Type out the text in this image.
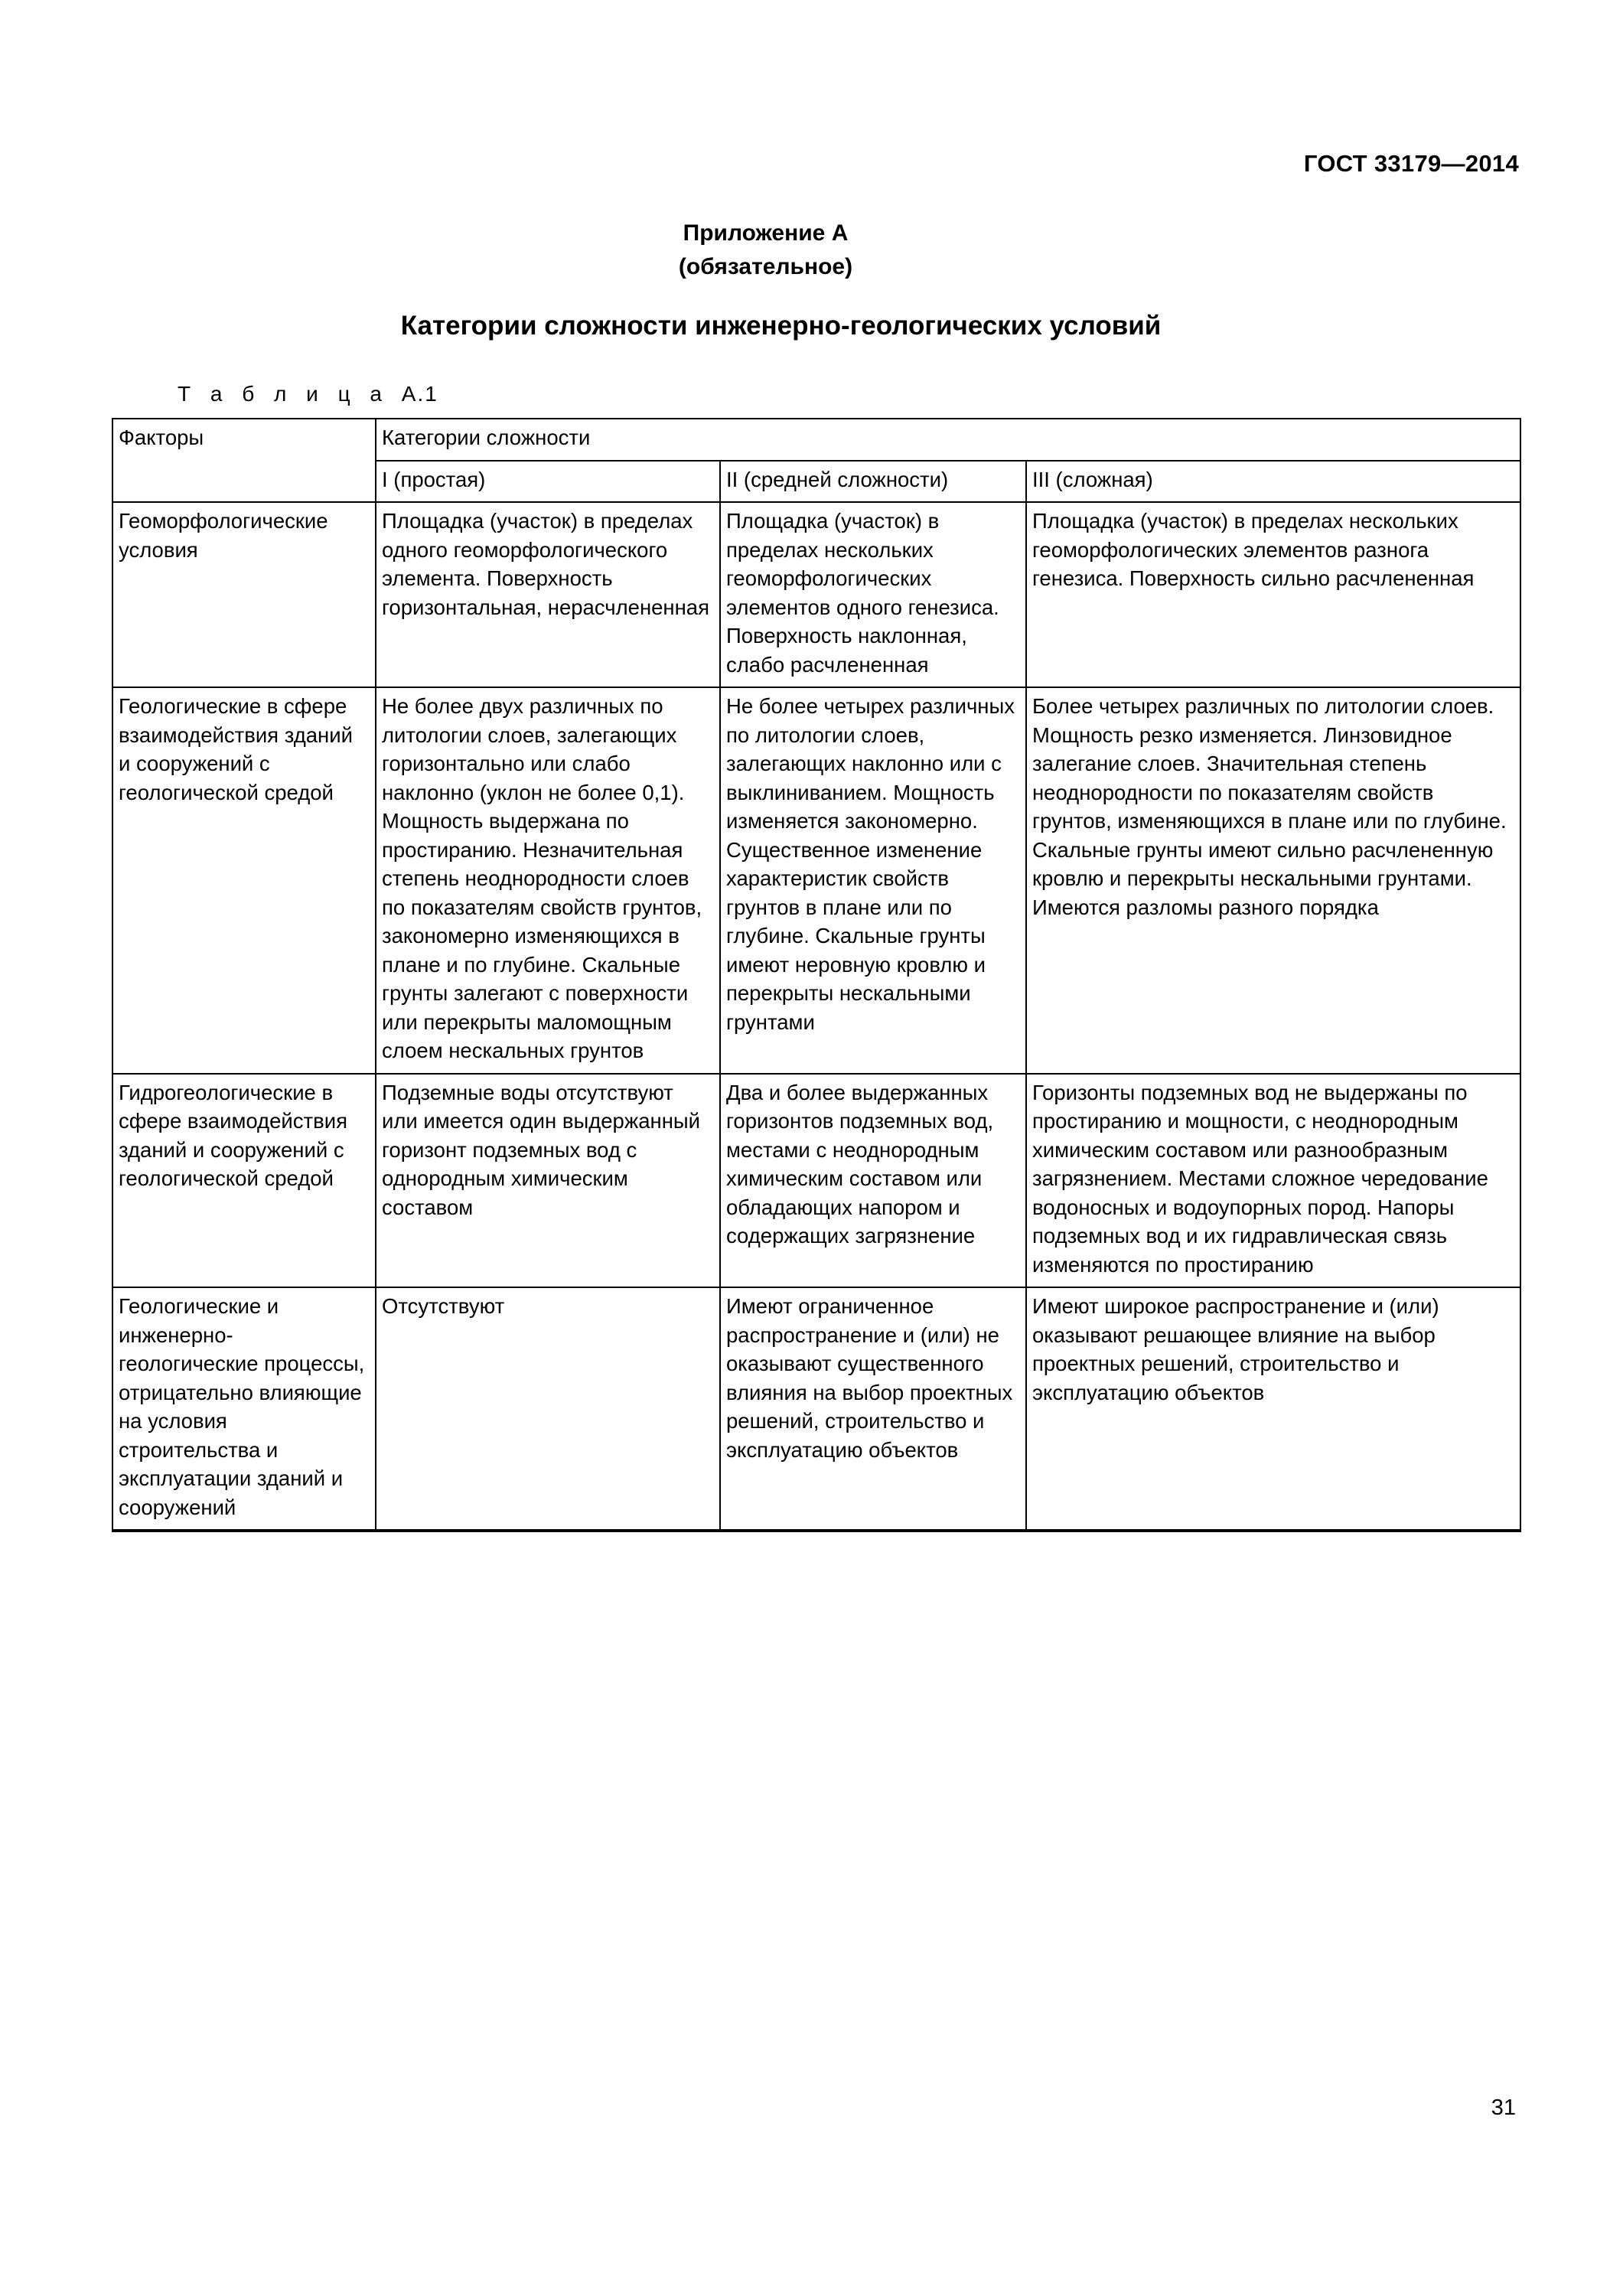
ГОСТ 33179—2014
Приложение А
(обязательное)
Категории сложности инженерно-геологических условий
Т а б л и ц а А.1
Факторы	Категории сложности		
	I (простая)	II (средней сложности)	III (сложная)
Геоморфологические условия	Площадка (участок) в пределах одного геоморфологического элемента. Поверхность горизонтальная, нерасчлененная	Площадка (участок) в пределах нескольких геоморфологических элементов одного генезиса. Поверхность наклонная, слабо расчлененная	Площадка (участок) в пределах нескольких геоморфологических элементов разнога генезиса. Поверхность сильно расчлененная
Геологические в сфере взаимодействия зданий и сооружений с геологической средой	Не более двух различных по литологии слоев, залегающих горизонтально или слабо наклонно (уклон не более 0,1). Мощность выдержана по простиранию. Незначительная степень неоднородности слоев по показателям свойств грунтов, закономерно изменяющихся в плане и по глубине. Скальные грунты залегают с поверхности или перекрыты маломощным слоем нескальных грунтов	Не более четырех различных по литологии слоев, залегающих наклонно или с выклиниванием. Мощность изменяется закономерно. Существенное изменение характеристик свойств грунтов в плане или по глубине. Скальные грунты имеют неровную кровлю и перекрыты нескальными грунтами	Более четырех различных по литологии слоев. Мощность резко изменяется. Линзовидное залегание слоев. Значительная степень неоднородности по показателям свойств грунтов, изменяющихся в плане или по глубине. Скальные грунты имеют сильно расчлененную кровлю и перекрыты нескальными грунтами. Имеются разломы разного порядка
Гидрогеологические в сфере взаимодействия зданий и сооружений с геологической средой	Подземные воды отсутствуют или имеется один выдержанный горизонт подземных вод с однородным химическим составом	Два и более выдержанных горизонтов подземных вод, местами с неоднородным химическим составом или обладающих напором и содержащих загрязнение	Горизонты подземных вод не выдержаны по простиранию и мощности, с неоднородным химическим составом или разнообразным загрязнением. Местами сложное чередование водоносных и водоупорных пород. Напоры подземных вод и их гидравлическая связь изменяются по простиранию
Геологические и инженерно-геологические процессы, отрицательно влияющие на условия строительства и эксплуатации зданий и сооружений	Отсутствуют	Имеют ограниченное распространение и (или) не оказывают существенного влияния на выбор проектных решений, строительство и эксплуатацию объектов	Имеют широкое распространение и (или) оказывают решающее влияние на выбор проектных решений, строительство и эксплуатацию объектов
31
